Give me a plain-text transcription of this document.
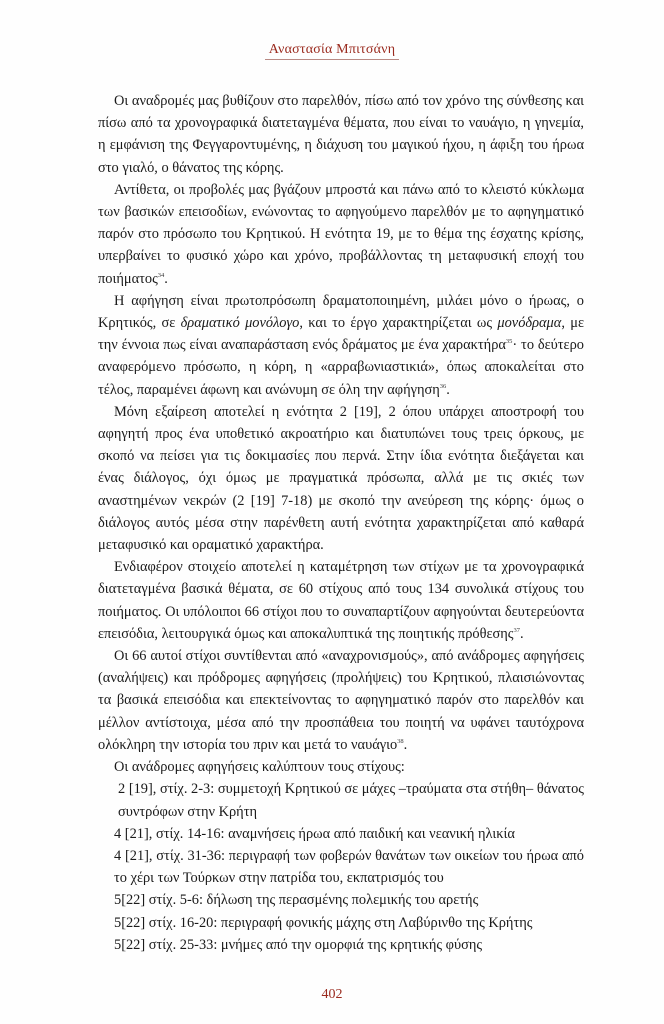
Αναστασία Μπιτσάνη

Οι αναδρομές μας βυθίζουν στο παρελθόν, πίσω από τον χρόνο της σύνθεσης και πίσω από τα χρονογραφικά διατεταγμένα θέματα, που είναι το ναυάγιο, η γηνεμία, η εμφάνιση της Φεγγαροντυμένης, η διάχυση του μαγικού ήχου, η άφιξη του ήρωα στο γιαλό, ο θάνατος της κόρης.

Αντίθετα, οι προβολές μας βγάζουν μπροστά και πάνω από το κλειστό κύκλωμα των βασικών επεισοδίων, ενώνοντας το αφηγούμενο παρελθόν με το αφηγηματικό παρόν στο πρόσωπο του Κρητικού. Η ενότητα 19, με το θέμα της έσχατης κρίσης, υπερβαίνει το φυσικό χώρο και χρόνο, προβάλλοντας τη μεταφυσική εποχή του ποιήματος$^{34}$.

Η αφήγηση είναι πρωτοπρόσωπη δραματοποιημένη, μιλάει μόνο ο ήρωας, ο Κρητικός, σε δραματικό μονόλογο, και το έργο χαρακτηρίζεται ως μονόδραμα, με την έννοια πως είναι αναπαράσταση ενός δράματος με ένα χαρακτήρα$^{35}$· το δεύτερο αναφερόμενο πρόσωπο, η κόρη, η «αρραβωνιαστικιά», όπως αποκαλείται στο τέλος, παραμένει άφωνη και ανώνυμη σε όλη την αφήγηση$^{36}$.

Μόνη εξαίρεση αποτελεί η ενότητα 2 [19], 2 όπου υπάρχει αποστροφή του αφηγητή προς ένα υποθετικό ακροατήριο και διατυπώνει τους τρεις όρκους, με σκοπό να πείσει για τις δοκιμασίες που περνά. Στην ίδια ενότητα διεξάγεται και ένας διάλογος, όχι όμως με πραγματικά πρόσωπα, αλλά με τις σκιές των αναστημένων νεκρών (2 [19] 7-18) με σκοπό την ανεύρεση της κόρης· όμως ο διάλογος αυτός μέσα στην παρένθετη αυτή ενότητα χαρακτηρίζεται από καθαρά μεταφυσικό και οραματικό χαρακτήρα.

Ενδιαφέρον στοιχείο αποτελεί η καταμέτρηση των στίχων με τα χρονογραφικά διατεταγμένα βασικά θέματα, σε 60 στίχους από τους 134 συνολικά στίχους του ποιήματος. Οι υπόλοιποι 66 στίχοι που το συναπαρτίζουν αφηγούνται δευτερεύοντα επεισόδια, λειτουργικά όμως και αποκαλυπτικά της ποιητικής πρόθεσης$^{37}$.

Οι 66 αυτοί στίχοι συντίθενται από «αναχρονισμούς», από ανάδρομες αφηγήσεις (αναλήψεις) και πρόδρομες αφηγήσεις (προλήψεις) του Κρητικού, πλαισιώνοντας τα βασικά επεισόδια και επεκτείνοντας το αφηγηματικό παρόν στο παρελθόν και μέλλον αντίστοιχα, μέσα από την προσπάθεια του ποιητή να υφάνει ταυτόχρονα ολόκληρη την ιστορία του πριν και μετά το ναυάγιο$^{38}$.

Οι ανάδρομες αφηγήσεις καλύπτουν τους στίχους:

2 [19], στίχ. 2-3: συμμετοχή Κρητικού σε μάχες –τραύματα στα στήθη– θάνατος συντρόφων στην Κρήτη

4 [21], στίχ. 14-16: αναμνήσεις ήρωα από παιδική και νεανική ηλικία

4 [21], στίχ. 31-36: περιγραφή των φοβερών θανάτων των οικείων του ήρωα από το χέρι των Τούρκων στην πατρίδα του, εκπατρισμός του

5[22] στίχ. 5-6: δήλωση της περασμένης πολεμικής του αρετής

5[22] στίχ. 16-20: περιγραφή φονικής μάχης στη Λαβύρινθο της Κρήτης

5[22] στίχ. 25-33: μνήμες από την ομορφιά της κρητικής φύσης

402
